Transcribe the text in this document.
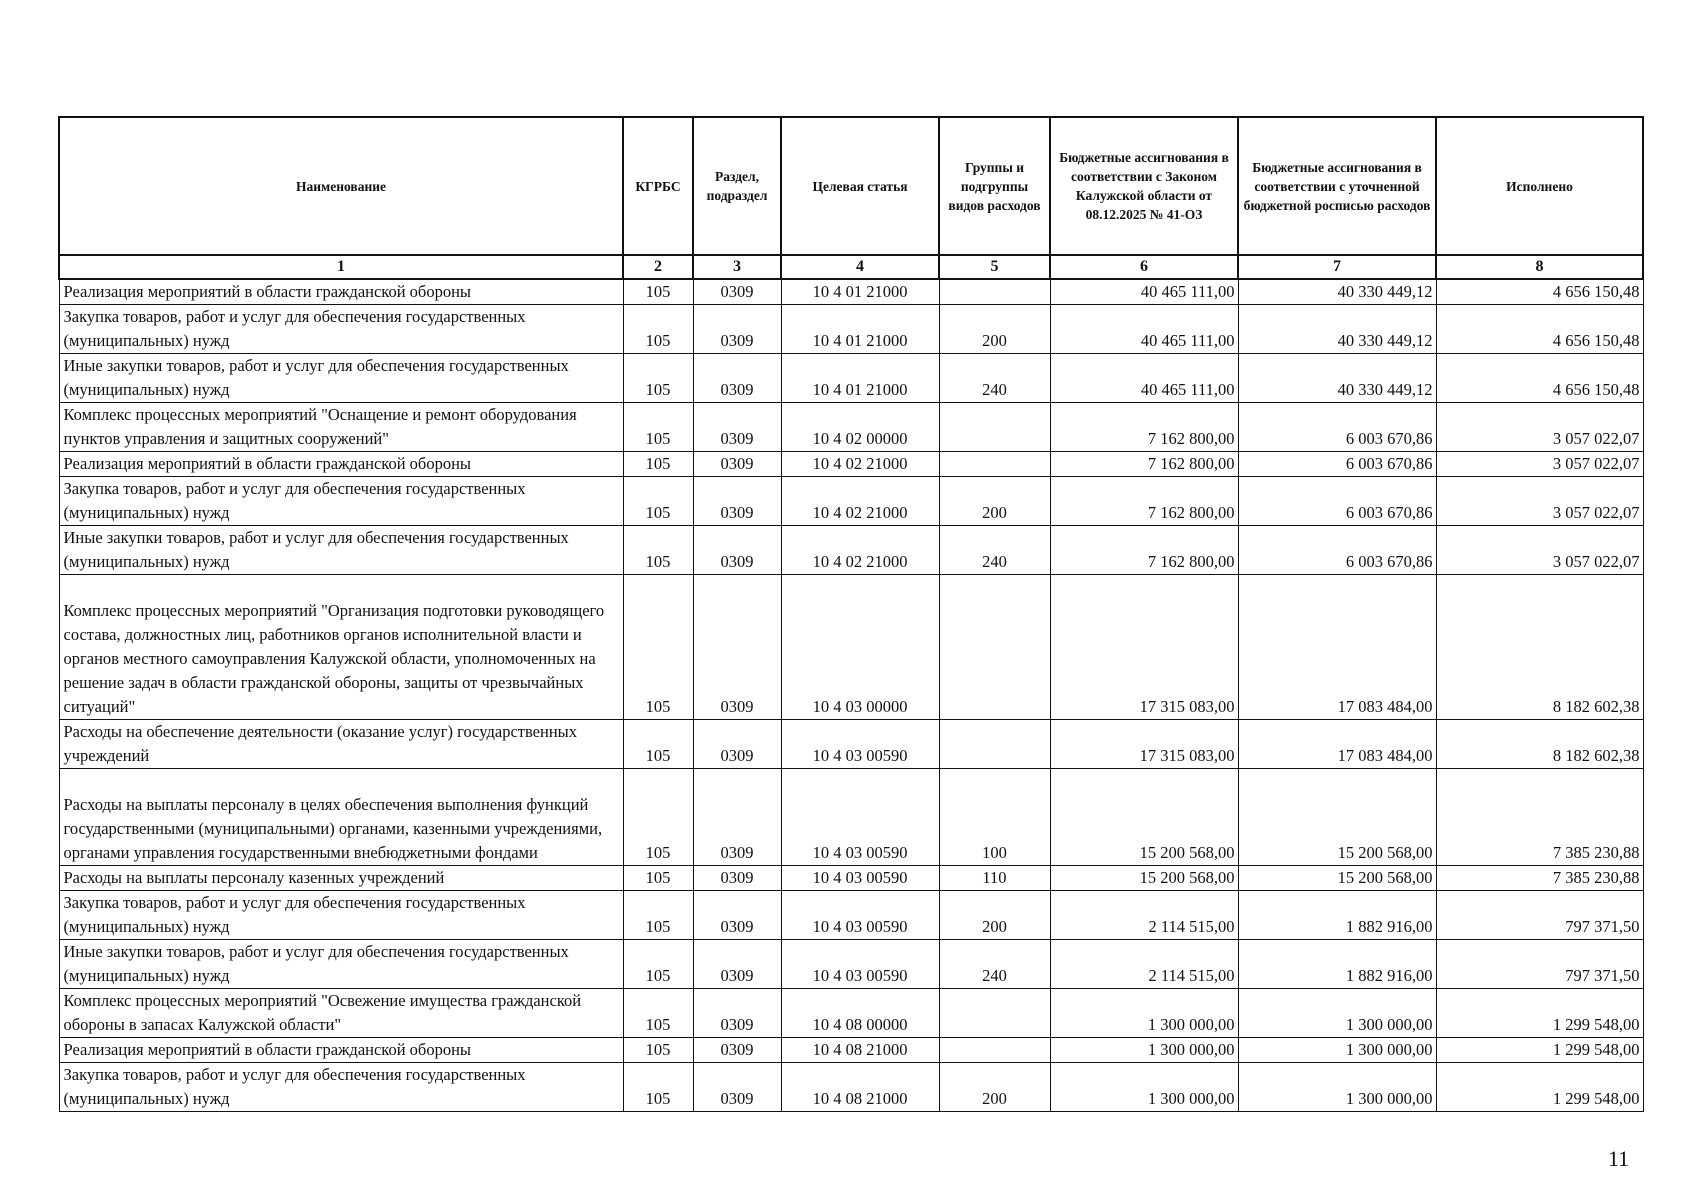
Наименование	КГРБС	Раздел, подраздел	Целевая статья	Группы и подгруппы видов расходов	Бюджетные ассигнования в соответствии с Законом Калужской области от 08.12.2025 № 41-ОЗ	Бюджетные ассигнования в соответствии с уточненной бюджетной росписью расходов	Исполнено
1	2	3	4	5	6	7	8
Реализация мероприятий в области гражданской обороны	105	0309	10 4 01 21000		40 465 111,00	40 330 449,12	4 656 150,48
Закупка товаров, работ и услуг для обеспечения государственных (муниципальных) нужд	105	0309	10 4 01 21000	200	40 465 111,00	40 330 449,12	4 656 150,48
Иные закупки товаров, работ и услуг для обеспечения государственных (муниципальных) нужд	105	0309	10 4 01 21000	240	40 465 111,00	40 330 449,12	4 656 150,48
Комплекс процессных мероприятий "Оснащение и ремонт оборудования пунктов управления и защитных сооружений"	105	0309	10 4 02 00000		7 162 800,00	6 003 670,86	3 057 022,07
Реализация мероприятий в области гражданской обороны	105	0309	10 4 02 21000		7 162 800,00	6 003 670,86	3 057 022,07
Закупка товаров, работ и услуг для обеспечения государственных (муниципальных) нужд	105	0309	10 4 02 21000	200	7 162 800,00	6 003 670,86	3 057 022,07
Иные закупки товаров, работ и услуг для обеспечения государственных (муниципальных) нужд	105	0309	10 4 02 21000	240	7 162 800,00	6 003 670,86	3 057 022,07
Комплекс процессных мероприятий "Организация подготовки руководящего состава, должностных лиц, работников органов исполнительной власти и органов местного самоуправления Калужской области, уполномоченных на решение задач в области гражданской обороны, защиты от чрезвычайных ситуаций"	105	0309	10 4 03 00000		17 315 083,00	17 083 484,00	8 182 602,38
Расходы на обеспечение деятельности (оказание услуг) государственных учреждений	105	0309	10 4 03 00590		17 315 083,00	17 083 484,00	8 182 602,38
Расходы на выплаты персоналу в целях обеспечения выполнения функций государственными (муниципальными) органами, казенными учреждениями, органами управления государственными внебюджетными фондами	105	0309	10 4 03 00590	100	15 200 568,00	15 200 568,00	7 385 230,88
Расходы на выплаты персоналу казенных учреждений	105	0309	10 4 03 00590	110	15 200 568,00	15 200 568,00	7 385 230,88
Закупка товаров, работ и услуг для обеспечения государственных (муниципальных) нужд	105	0309	10 4 03 00590	200	2 114 515,00	1 882 916,00	797 371,50
Иные закупки товаров, работ и услуг для обеспечения государственных (муниципальных) нужд	105	0309	10 4 03 00590	240	2 114 515,00	1 882 916,00	797 371,50
Комплекс процессных мероприятий "Освежение имущества гражданской обороны в запасах Калужской области"	105	0309	10 4 08 00000		1 300 000,00	1 300 000,00	1 299 548,00
Реализация мероприятий в области гражданской обороны	105	0309	10 4 08 21000		1 300 000,00	1 300 000,00	1 299 548,00
Закупка товаров, работ и услуг для обеспечения государственных (муниципальных) нужд	105	0309	10 4 08 21000	200	1 300 000,00	1 300 000,00	1 299 548,00
11
